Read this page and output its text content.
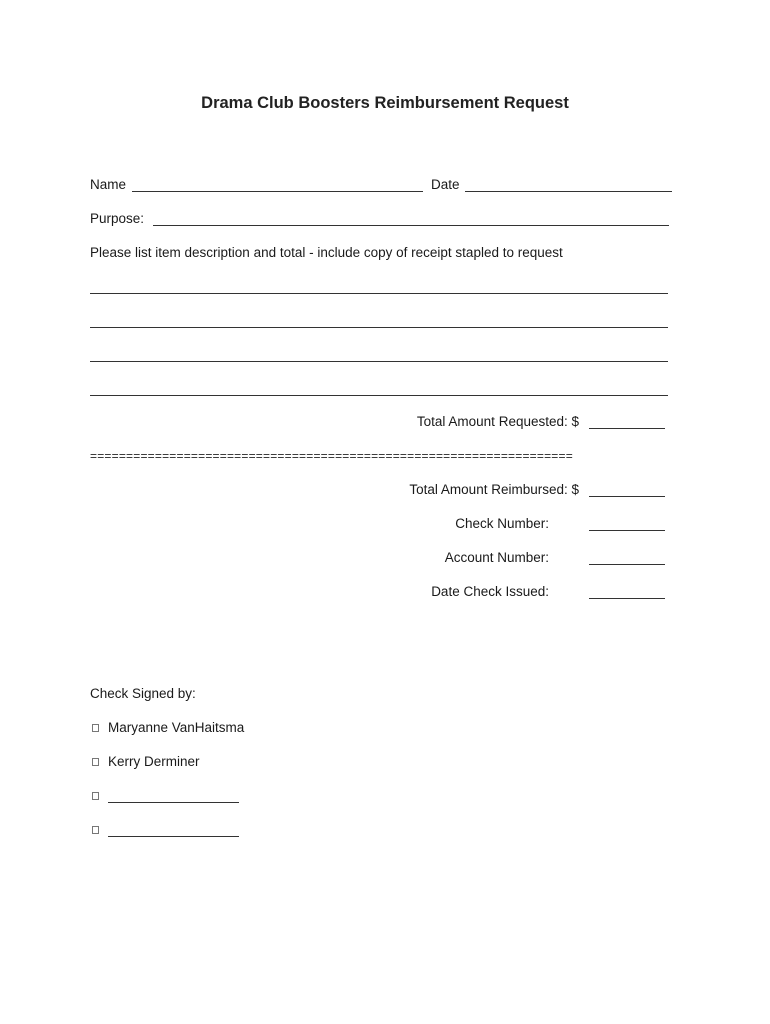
Drama Club Boosters Reimbursement Request
Name	Date
Purpose:
Please list item description and total - include copy of receipt stapled to request
Total Amount Requested: $
===================================================================
Total Amount Reimbursed: $
Check Number:
Account Number:
Date Check Issued:
Check Signed by:
Maryanne VanHaitsma
Kerry Derminer
